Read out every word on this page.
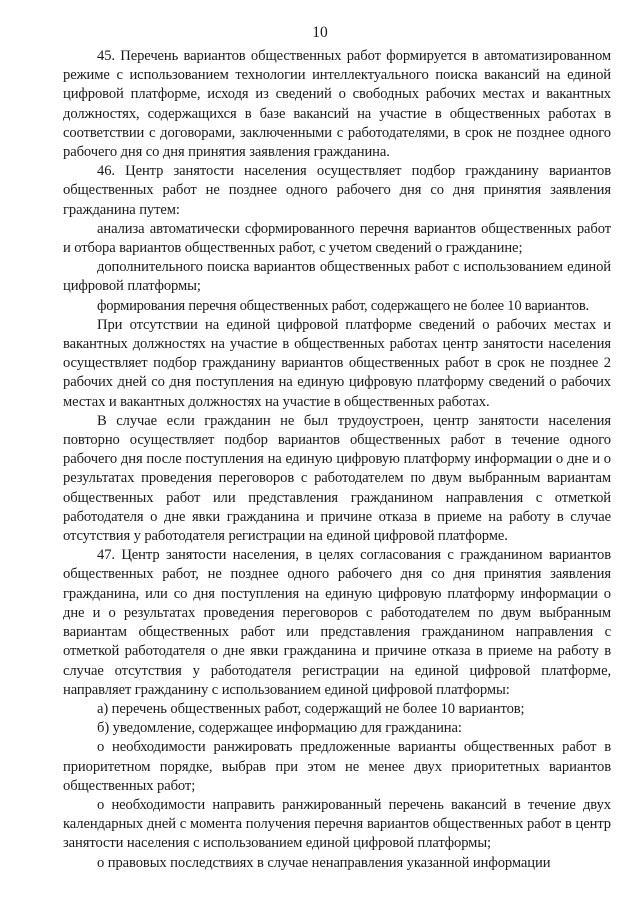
10

45. Перечень вариантов общественных работ формируется в автоматизированном режиме с использованием технологии интеллектуального поиска вакансий на единой цифровой платформе, исходя из сведений о свободных рабочих местах и вакантных должностях, содержащихся в базе вакансий на участие в общественных работах в соответствии с договорами, заключенными с работодателями, в срок не позднее одного рабочего дня со дня принятия заявления гражданина.

46. Центр занятости населения осуществляет подбор гражданину вариантов общественных работ не позднее одного рабочего дня со дня принятия заявления гражданина путем:

анализа автоматически сформированного перечня вариантов общественных работ и отбора вариантов общественных работ, с учетом сведений о гражданине;

дополнительного поиска вариантов общественных работ с использованием единой цифровой платформы;

формирования перечня общественных работ, содержащего не более 10 вариантов.

При отсутствии на единой цифровой платформе сведений о рабочих местах и вакантных должностях на участие в общественных работах центр занятости населения осуществляет подбор гражданину вариантов общественных работ в срок не позднее 2 рабочих дней со дня поступления на единую цифровую платформу сведений о рабочих местах и вакантных должностях на участие в общественных работах.

В случае если гражданин не был трудоустроен, центр занятости населения повторно осуществляет подбор вариантов общественных работ в течение одного рабочего дня после поступления на единую цифровую платформу информации о дне и о результатах проведения переговоров с работодателем по двум выбранным вариантам общественных работ или представления гражданином направления с отметкой работодателя о дне явки гражданина и причине отказа в приеме на работу в случае отсутствия у работодателя регистрации на единой цифровой платформе.

47. Центр занятости населения, в целях согласования с гражданином вариантов общественных работ, не позднее одного рабочего дня со дня принятия заявления гражданина, или со дня поступления на единую цифровую платформу информации о дне и о результатах проведения переговоров с работодателем по двум выбранным вариантам общественных работ или представления гражданином направления с отметкой работодателя о дне явки гражданина и причине отказа в приеме на работу в случае отсутствия у работодателя регистрации на единой цифровой платформе, направляет гражданину с использованием единой цифровой платформы:

а) перечень общественных работ, содержащий не более 10 вариантов;

б) уведомление, содержащее информацию для гражданина:

о необходимости ранжировать предложенные варианты общественных работ в приоритетном порядке, выбрав при этом не менее двух приоритетных вариантов общественных работ;

о необходимости направить ранжированный перечень вакансий в течение двух календарных дней с момента получения перечня вариантов общественных работ в центр занятости населения с использованием единой цифровой платформы;

о правовых последствиях в случае ненаправления указанной информации
